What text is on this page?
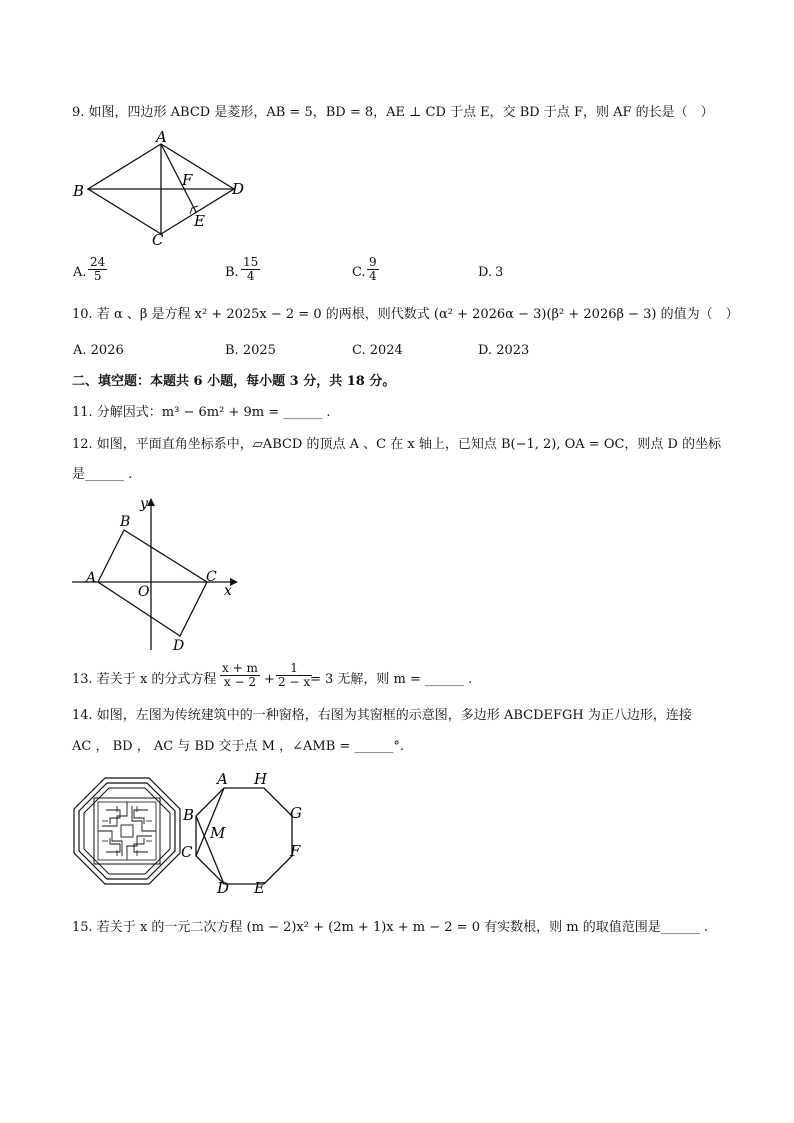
9. 如图，四边形 ABCD 是菱形，AB = 5，BD = 8，AE ⊥ CD 于点 E，交 BD 于点 F，则 AF 的长是（　）
A
B
C
D
E
F
A. $\frac{24}{5}$	B. $\frac{15}{4}$	C. $\frac{9}{4}$	D. 3
10. 若 α 、β 是方程 x² + 2025x − 2 = 0 的两根，则代数式 (α² + 2026α − 3)(β² + 2026β − 3) 的值为（　）
A. 2026	B. 2025	C. 2024	D. 2023
二、填空题：本题共 6 小题，每小题 3 分，共 18 分。
11. 分解因式：m³ − 6m² + 9m = ______ .
12. 如图，平面直角坐标系中，▱ABCD 的顶点 A 、C 在 x 轴上，已知点 B(−1, 2), OA = OC，则点 D 的坐标
是______ .
y
x
B
A	C
O
D
13. 若关于 x 的分式方程 $\frac{x + m}{x - 2} + \frac{1}{2 - x}$
= 3 无解，则 m = ______ .
14. 如图，左图为传统建筑中的一种窗格，右图为其窗框的示意图，多边形 ABCDEFGH 为正八边形，连接
AC ， BD ， AC 与 BD 交于点 M ，∠AMB = ______°.
A H
G
F
E
D
C
B
M
15. 若关于 x 的一元二次方程 (m − 2)x² + (2m + 1)x + m − 2 = 0 有实数根，则 m 的取值范围是______ .
